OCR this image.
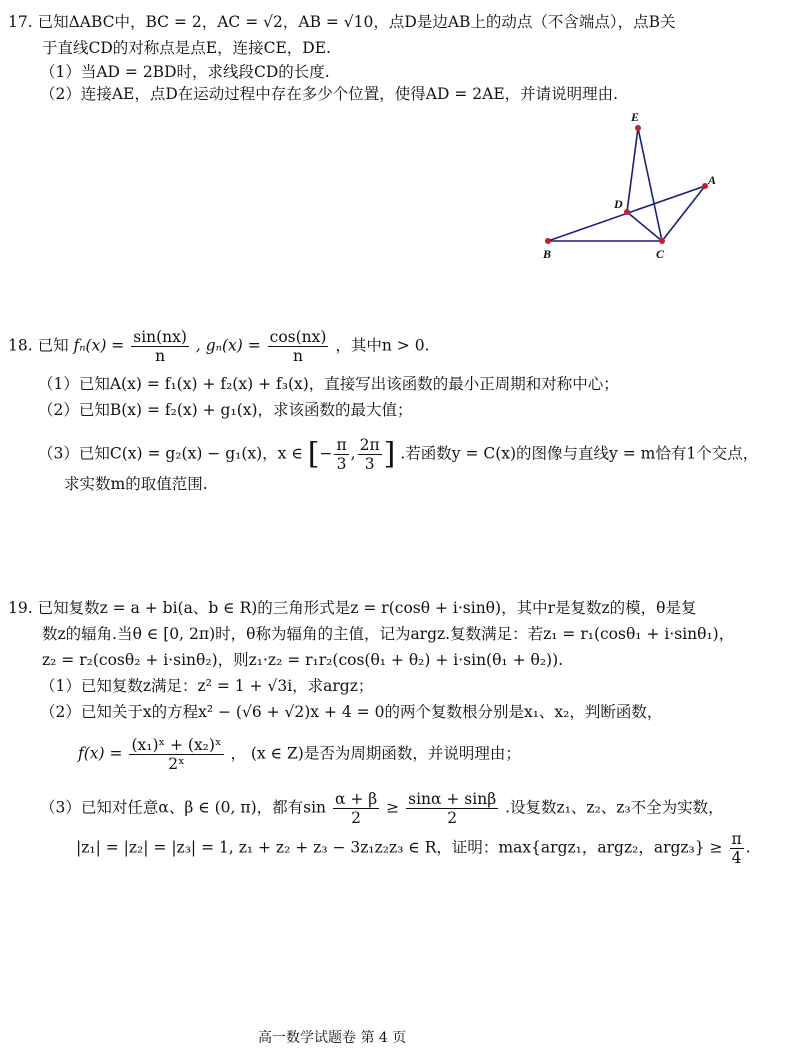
17. 已知ΔABC中，BC = 2，AC = √2，AB = √10，点D是边AB上的动点（不含端点），点B关
于直线CD的对称点是点E，连接CE，DE.
（1）当AD = 2BD时，求线段CD的长度.
（2）连接AE，点D在运动过程中存在多少个位置，使得AD = 2AE，并请说明理由.
E
A
D
B	C
18. 已知 $f_n(x) = \frac{\sin(nx)}{n}$ , $g_n(x) = \frac{\cos(nx)}{n}$ ，其中n > 0.
（1）已知A(x) = f₁(x) + f₂(x) + f₃(x)，直接写出该函数的最小正周期和对称中心；
（2）已知B(x) = f₂(x) + g₁(x)，求该函数的最大值；
（3）已知C(x) = g₂(x) − g₁(x)，x ∈ [− $\frac{\pi}{3}$ , $\frac{2\pi}{3}$ ] .若函数y = C(x)的图像与直线y = m恰有1个交点，
求实数m的取值范围.
19. 已知复数z = a + bi(a、b ∈ R)的三角形式是z = r(cosθ + i·sinθ)，其中r是复数z的模，θ是复
数z的辐角.当θ ∈ [0, 2π)时，θ称为辐角的主值，记为argz.复数满足：若z₁ = r₁(cosθ₁ + i·sinθ₁)，
z₂ = r₂(cosθ₂ + i·sinθ₂)，则z₁·z₂ = r₁r₂(cos(θ₁ + θ₂) + i·sin(θ₁ + θ₂)).
（1）已知复数z满足：z² = 1 + √3i，求argz；
（2）已知关于x的方程x² − (√6 + √2)x + 4 = 0的两个复数根分别是x₁、x₂，判断函数，
$f(x) = \frac{\text{(x₁)ˣ + (x₂)ˣ}}{\text{2ˣ}}$ ， (x ∈ Z)是否为周期函数，并说明理由；
（3）已知对任意α、β ∈ (0, π)，都有$\sin \frac{\alpha + \beta}{2} \ge \frac{\sin\alpha + \sin\beta}{2}$ .设复数z₁、z₂、z₃不全为实数，
|z₁| = |z₂| = |z₃| = 1, z₁ + z₂ + z₃ − 3z₁z₂z₃ ∈ R，证明：max{argz₁，argz₂，argz₃} ≥ $\frac{\pi}{4}$ .
高一数学试题卷 第 4 页
